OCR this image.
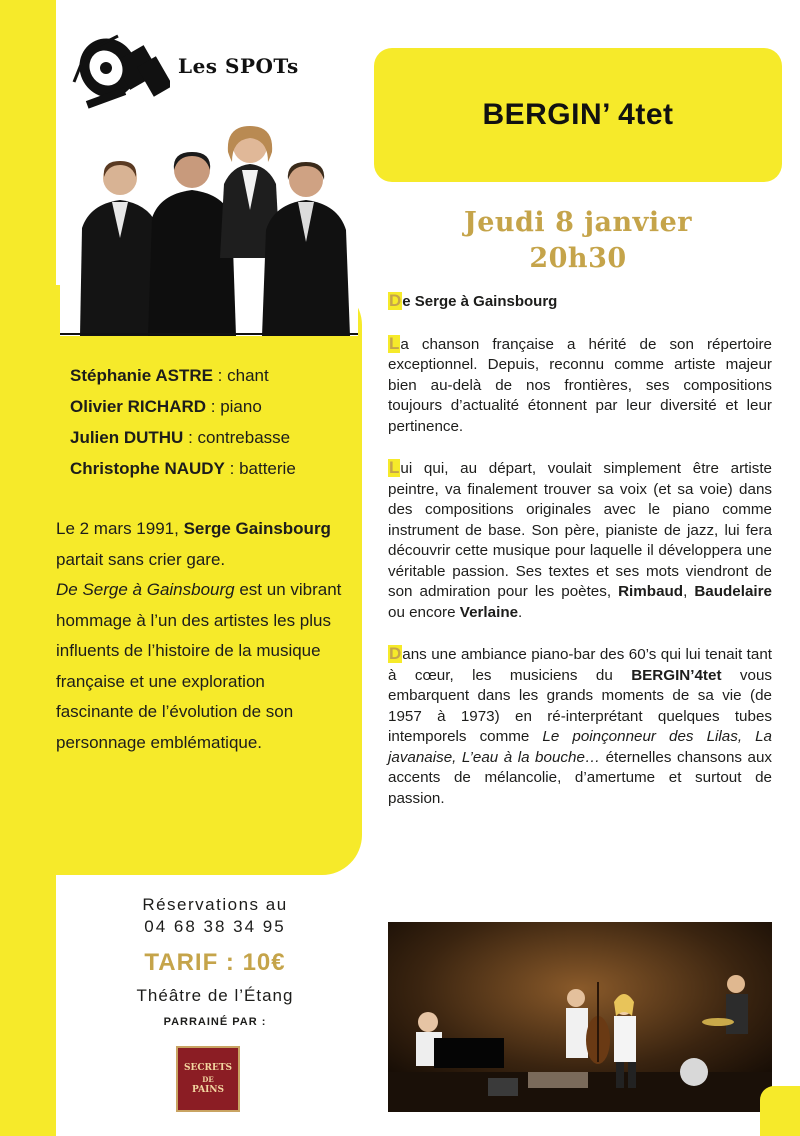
Les SPOTs
Stéphanie ASTRE : chant
Olivier RICHARD : piano
Julien DUTHU : contrebasse
Christophe NAUDY : batterie

Le 2 mars 1991, Serge Gainsbourg partait sans crier gare.

De Serge à Gainsbourg est un vibrant hommage à l’un des artistes les plus influents de l’histoire de la musique française et une exploration fascinante de l’évolution de son personnage emblématique.

Réservations au
04 68 38 34 95
TARIF : 10€
Théâtre de l’Étang
PARRAINÉ PAR :
SECRETS
DE
PAINS
BERGIN’ 4tet
Jeudi 8 janvier
20h30
De Serge à Gainsbourg

La chanson française a hérité de son répertoire exceptionnel. Depuis, reconnu comme artiste majeur bien au-delà de nos frontières, ses compositions toujours d’actualité étonnent par leur diversité et leur pertinence.

Lui qui, au départ, voulait simplement être artiste peintre, va finalement trouver sa voix (et sa voie) dans des compositions originales avec le piano comme instrument de base. Son père, pianiste de jazz, lui fera découvrir cette musique pour laquelle il développera une véritable passion. Ses textes et ses mots viendront de son admiration pour les poètes, Rimbaud, Baudelaire ou encore Verlaine.

Dans une ambiance piano-bar des 60’s qui lui tenait tant à cœur, les musiciens du BERGIN’4tet vous embarquent dans les grands moments de sa vie (de 1957 à 1973) en ré-interprétant quelques tubes intemporels comme Le poinçonneur des Lilas, La javanaise, L’eau à la bouche… éternelles chansons aux accents de mélancolie, d’amertume et surtout de passion.
